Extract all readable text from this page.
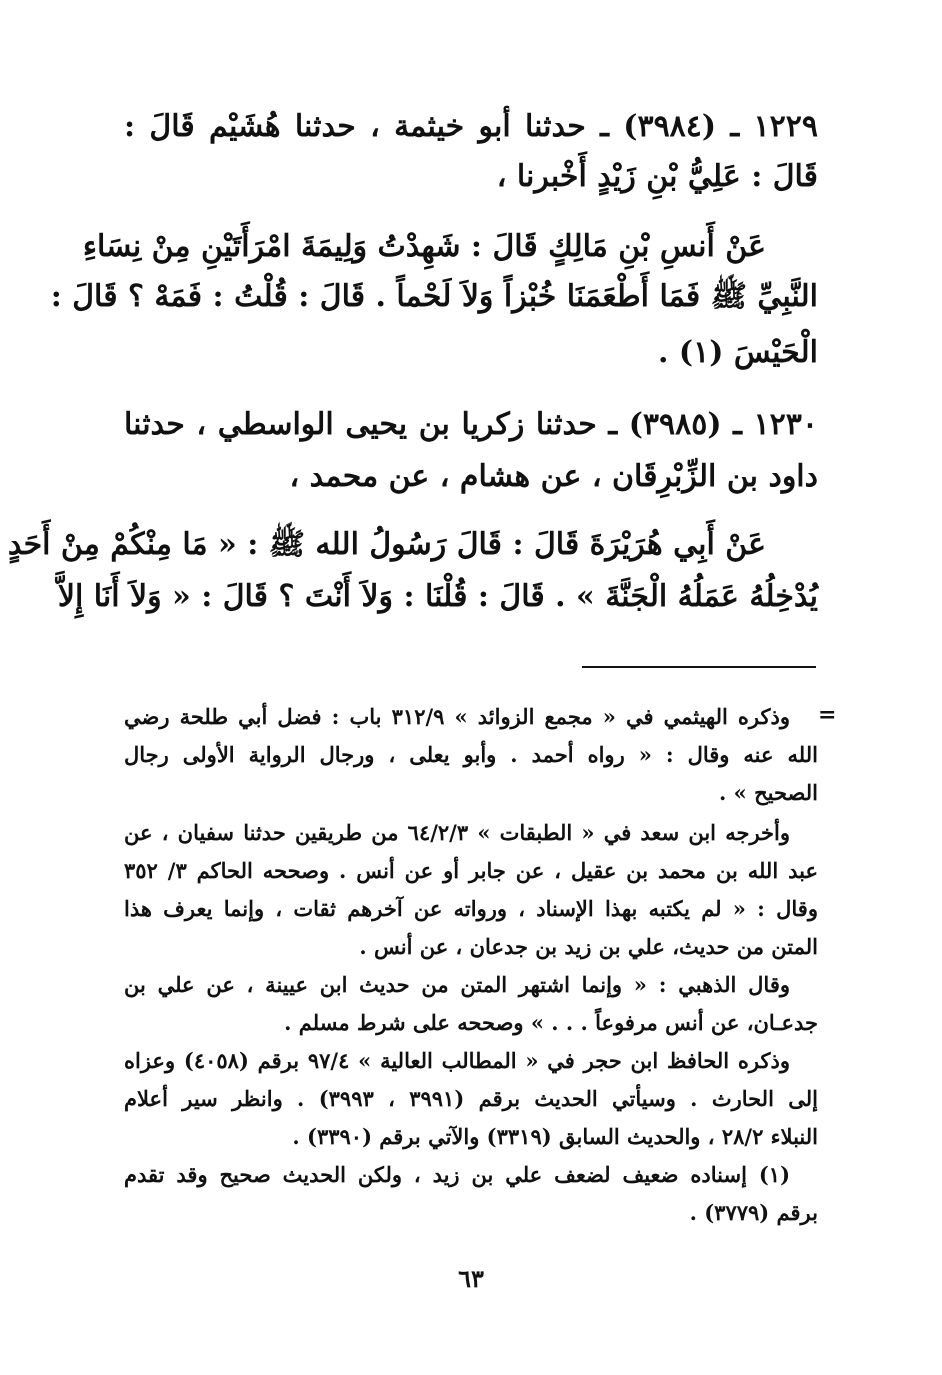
١٢٢٩ ـ (٣٩٨٤) ـ حدثنا أبو خيثمة ، حدثنا هُشَيْم قَالَ :
قَالَ : عَلِيُّ بْنِ زَيْدٍ أَخْبرنا ،
عَنْ أَنسِ بْنِ مَالِكٍ قَالَ : شَهِدْتُ وَلِيمَةَ امْرَأَتَيْنِ مِنْ نِسَاءِ
النَّبِيِّ ﷺ فَمَا أَطْعَمَنَا خُبْزاً وَلاَ لَحْماً . قَالَ : قُلْتُ : فَمَهْ ؟ قَالَ :
الْحَيْسَ (١) .
١٢٣٠ ـ (٣٩٨٥) ـ حدثنا زكريا بن يحيى الواسطي ، حدثنا
داود بن الزِّبْرِقَان ، عن هشام ، عن محمد ،
عَنْ أَبِي هُرَيْرَةَ قَالَ : قَالَ رَسُولُ الله ﷺ : « مَا مِنْكُمْ مِنْ أَحَدٍ
يُدْخِلُهُ عَمَلُهُ الْجَنَّةَ » . قَالَ : قُلْنَا : وَلاَ أَنْتَ ؟ قَالَ : « وَلاَ أَنَا إِلاَّ
=
وذكره الهيثمي في « مجمع الزوائد » ٣١٢/٩ باب : فضل أبي طلحة رضي
الله عنه وقال : « رواه أحمد . وأبو يعلى ، ورجال الرواية الأولى رجال
الصحيح » .
وأخرجه ابن سعد في « الطبقات » ٦٤/٢/٣ من طريقين حدثنا سفيان ، عن
عبد الله بن محمد بن عقيل ، عن جابر أو عن أنس . وصححه الحاكم ٣/ ٣٥٢
وقال : « لم يكتبه بهذا الإسناد ، ورواته عن آخرهم ثقات ، وإنما يعرف هذا
المتن من حديث، علي بن زيد بن جدعان ، عن أنس .
وقال الذهبي : « وإنما اشتهر المتن من حديث ابن عيينة ، عن علي بن
جدعـان، عن أنس مرفوعاً . . . » وصححه على شرط مسلم .
وذكره الحافظ ابن حجر في « المطالب العالية » ٩٧/٤ برقم (٤٠٥٨) وعزاه
إلى الحارث . وسيأتي الحديث برقم (٣٩٩١ ، ٣٩٩٣) . وانظر سير أعلام
النبلاء ٢٨/٢ ، والحديث السابق (٣٣١٩) والآتي برقم (٣٣٩٠) .
(١) إسناده ضعيف لضعف علي بن زيد ، ولكن الحديث صحيح وقد تقدم
برقم (٣٧٧٩) .
٦٣
